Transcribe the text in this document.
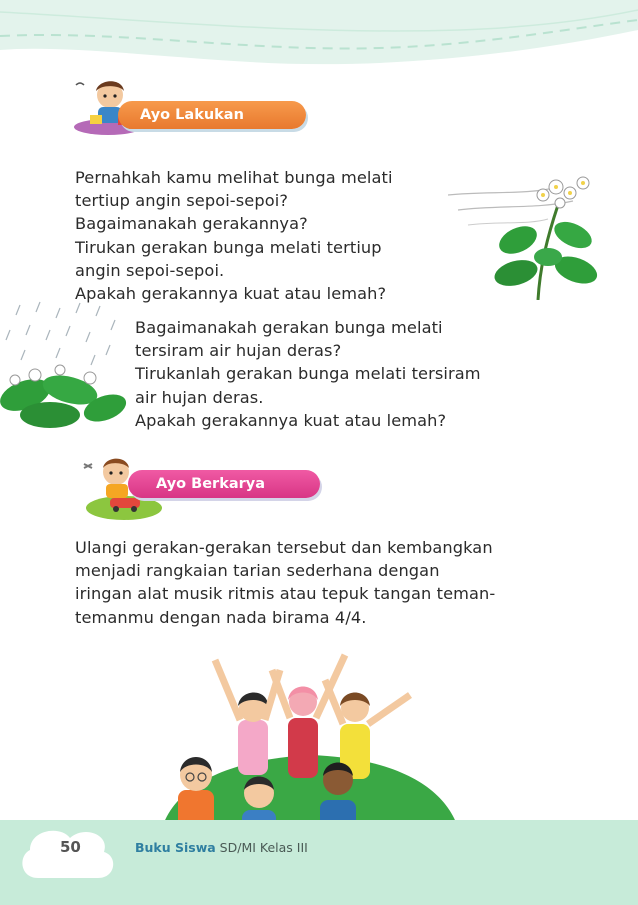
Ayo Lakukan
Pernahkah kamu melihat bunga melati
tertiup angin sepoi-sepoi?
Bagaimanakah gerakannya?
Tirukan gerakan bunga melati tertiup
angin sepoi-sepoi.
Apakah gerakannya kuat atau lemah?
Bagaimanakah gerakan bunga melati
tersiram air hujan deras?
Tirukanlah gerakan bunga melati tersiram
air hujan deras.
Apakah gerakannya kuat atau lemah?
Ayo Berkarya
Ulangi gerakan-gerakan tersebut dan kembangkan
menjadi rangkaian tarian sederhana dengan
iringan alat musik ritmis atau tepuk tangan teman-
temanmu dengan nada birama 4/4.
50	Buku Siswa SD/MI Kelas III
